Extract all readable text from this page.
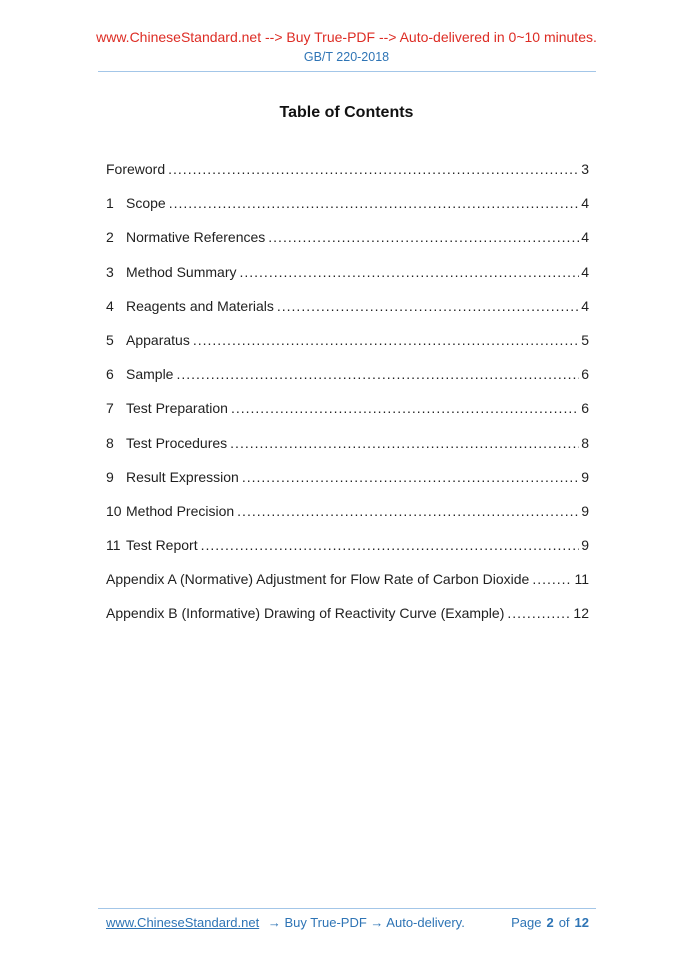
www.ChineseStandard.net --> Buy True-PDF --> Auto-delivered in 0~10 minutes.
GB/T 220-2018
Table of Contents
Foreword .....	3
1 Scope .....	4
2 Normative References .....	4
3 Method Summary .....	4
4 Reagents and Materials .....	4
5 Apparatus .....	5
6 Sample .....	6
7 Test Preparation .....	6
8 Test Procedures .....	8
9 Result Expression .....	9
10 Method Precision .....	9
11 Test Report .....	9
Appendix A (Normative) Adjustment for Flow Rate of Carbon Dioxide .....	11
Appendix B (Informative) Drawing of Reactivity Curve (Example) .....	12
www.ChineseStandard.net → Buy True-PDF → Auto-delivery.	Page 2 of 12
